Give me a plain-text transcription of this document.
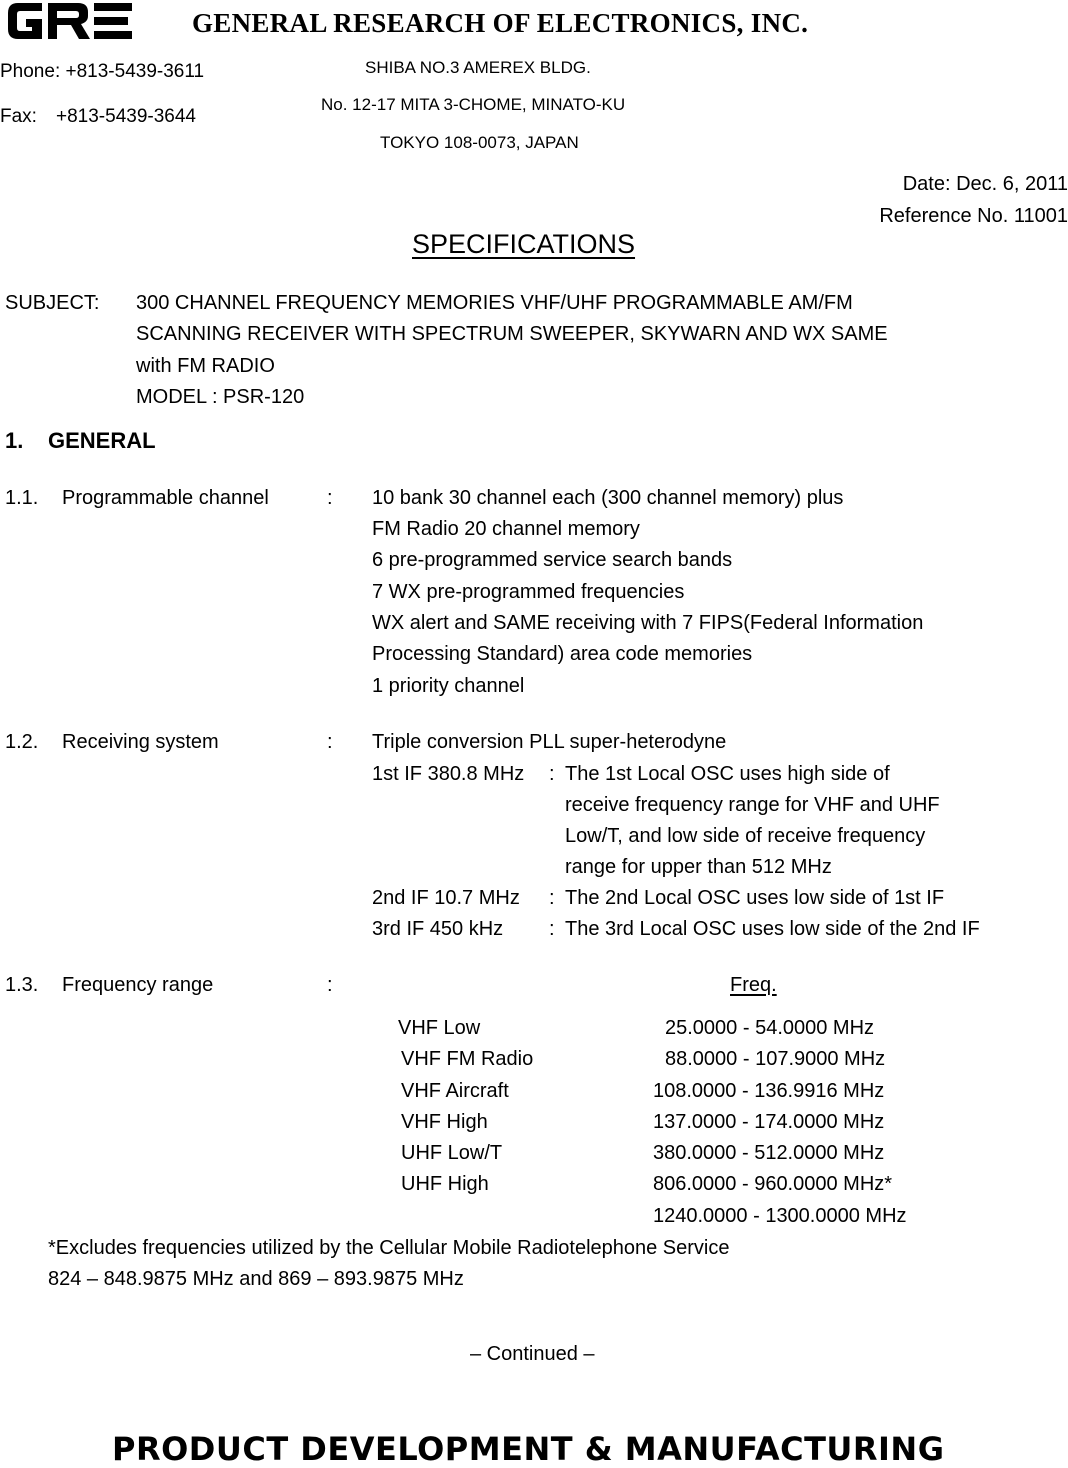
GRE
GENERAL RESEARCH OF ELECTRONICS, INC.
Phone: +813-5439-3611
Fax: +813-5439-3644
SHIBA NO.3 AMEREX BLDG.
No. 12-17 MITA 3-CHOME, MINATO-KU
TOKYO 108-0073, JAPAN
Date: Dec. 6, 2011
Reference No. 11001
SPECIFICATIONS
SUBJECT: 300 CHANNEL FREQUENCY MEMORIES VHF/UHF PROGRAMMABLE AM/FM
SCANNING RECEIVER WITH SPECTRUM SWEEPER, SKYWARN AND WX SAME
with FM RADIO
MODEL : PSR-120
1. GENERAL
1.1. Programmable channel	: 10 bank 30 channel each (300 channel memory) plus
FM Radio 20 channel memory
6 pre-programmed service search bands
7 WX pre-programmed frequencies
WX alert and SAME receiving with 7 FIPS(Federal Information
Processing Standard) area code memories
1 priority channel
1.2. Receiving system	: Triple conversion PLL super-heterodyne
1st IF 380.8 MHz : The 1st Local OSC uses high side of
receive frequency range for VHF and UHF
Low/T, and low side of receive frequency
range for upper than 512 MHz
2nd IF 10.7 MHz : The 2nd Local OSC uses low side of 1st IF
3rd IF 450 kHz : The 3rd Local OSC uses low side of the 2nd IF
1.3. Frequency range	:	Freq.
VHF Low	25.0000 - 54.0000 MHz
VHF FM Radio	88.0000 - 107.9000 MHz
VHF Aircraft	108.0000 - 136.9916 MHz
VHF High	137.0000 - 174.0000 MHz
UHF Low/T	380.0000 - 512.0000 MHz
UHF High	806.0000 - 960.0000 MHz*
1240.0000 - 1300.0000 MHz
*Excludes frequencies utilized by the Cellular Mobile Radiotelephone Service
824 – 848.9875 MHz and 869 – 893.9875 MHz
– Continued –
PRODUCT DEVELOPMENT & MANUFACTURING
